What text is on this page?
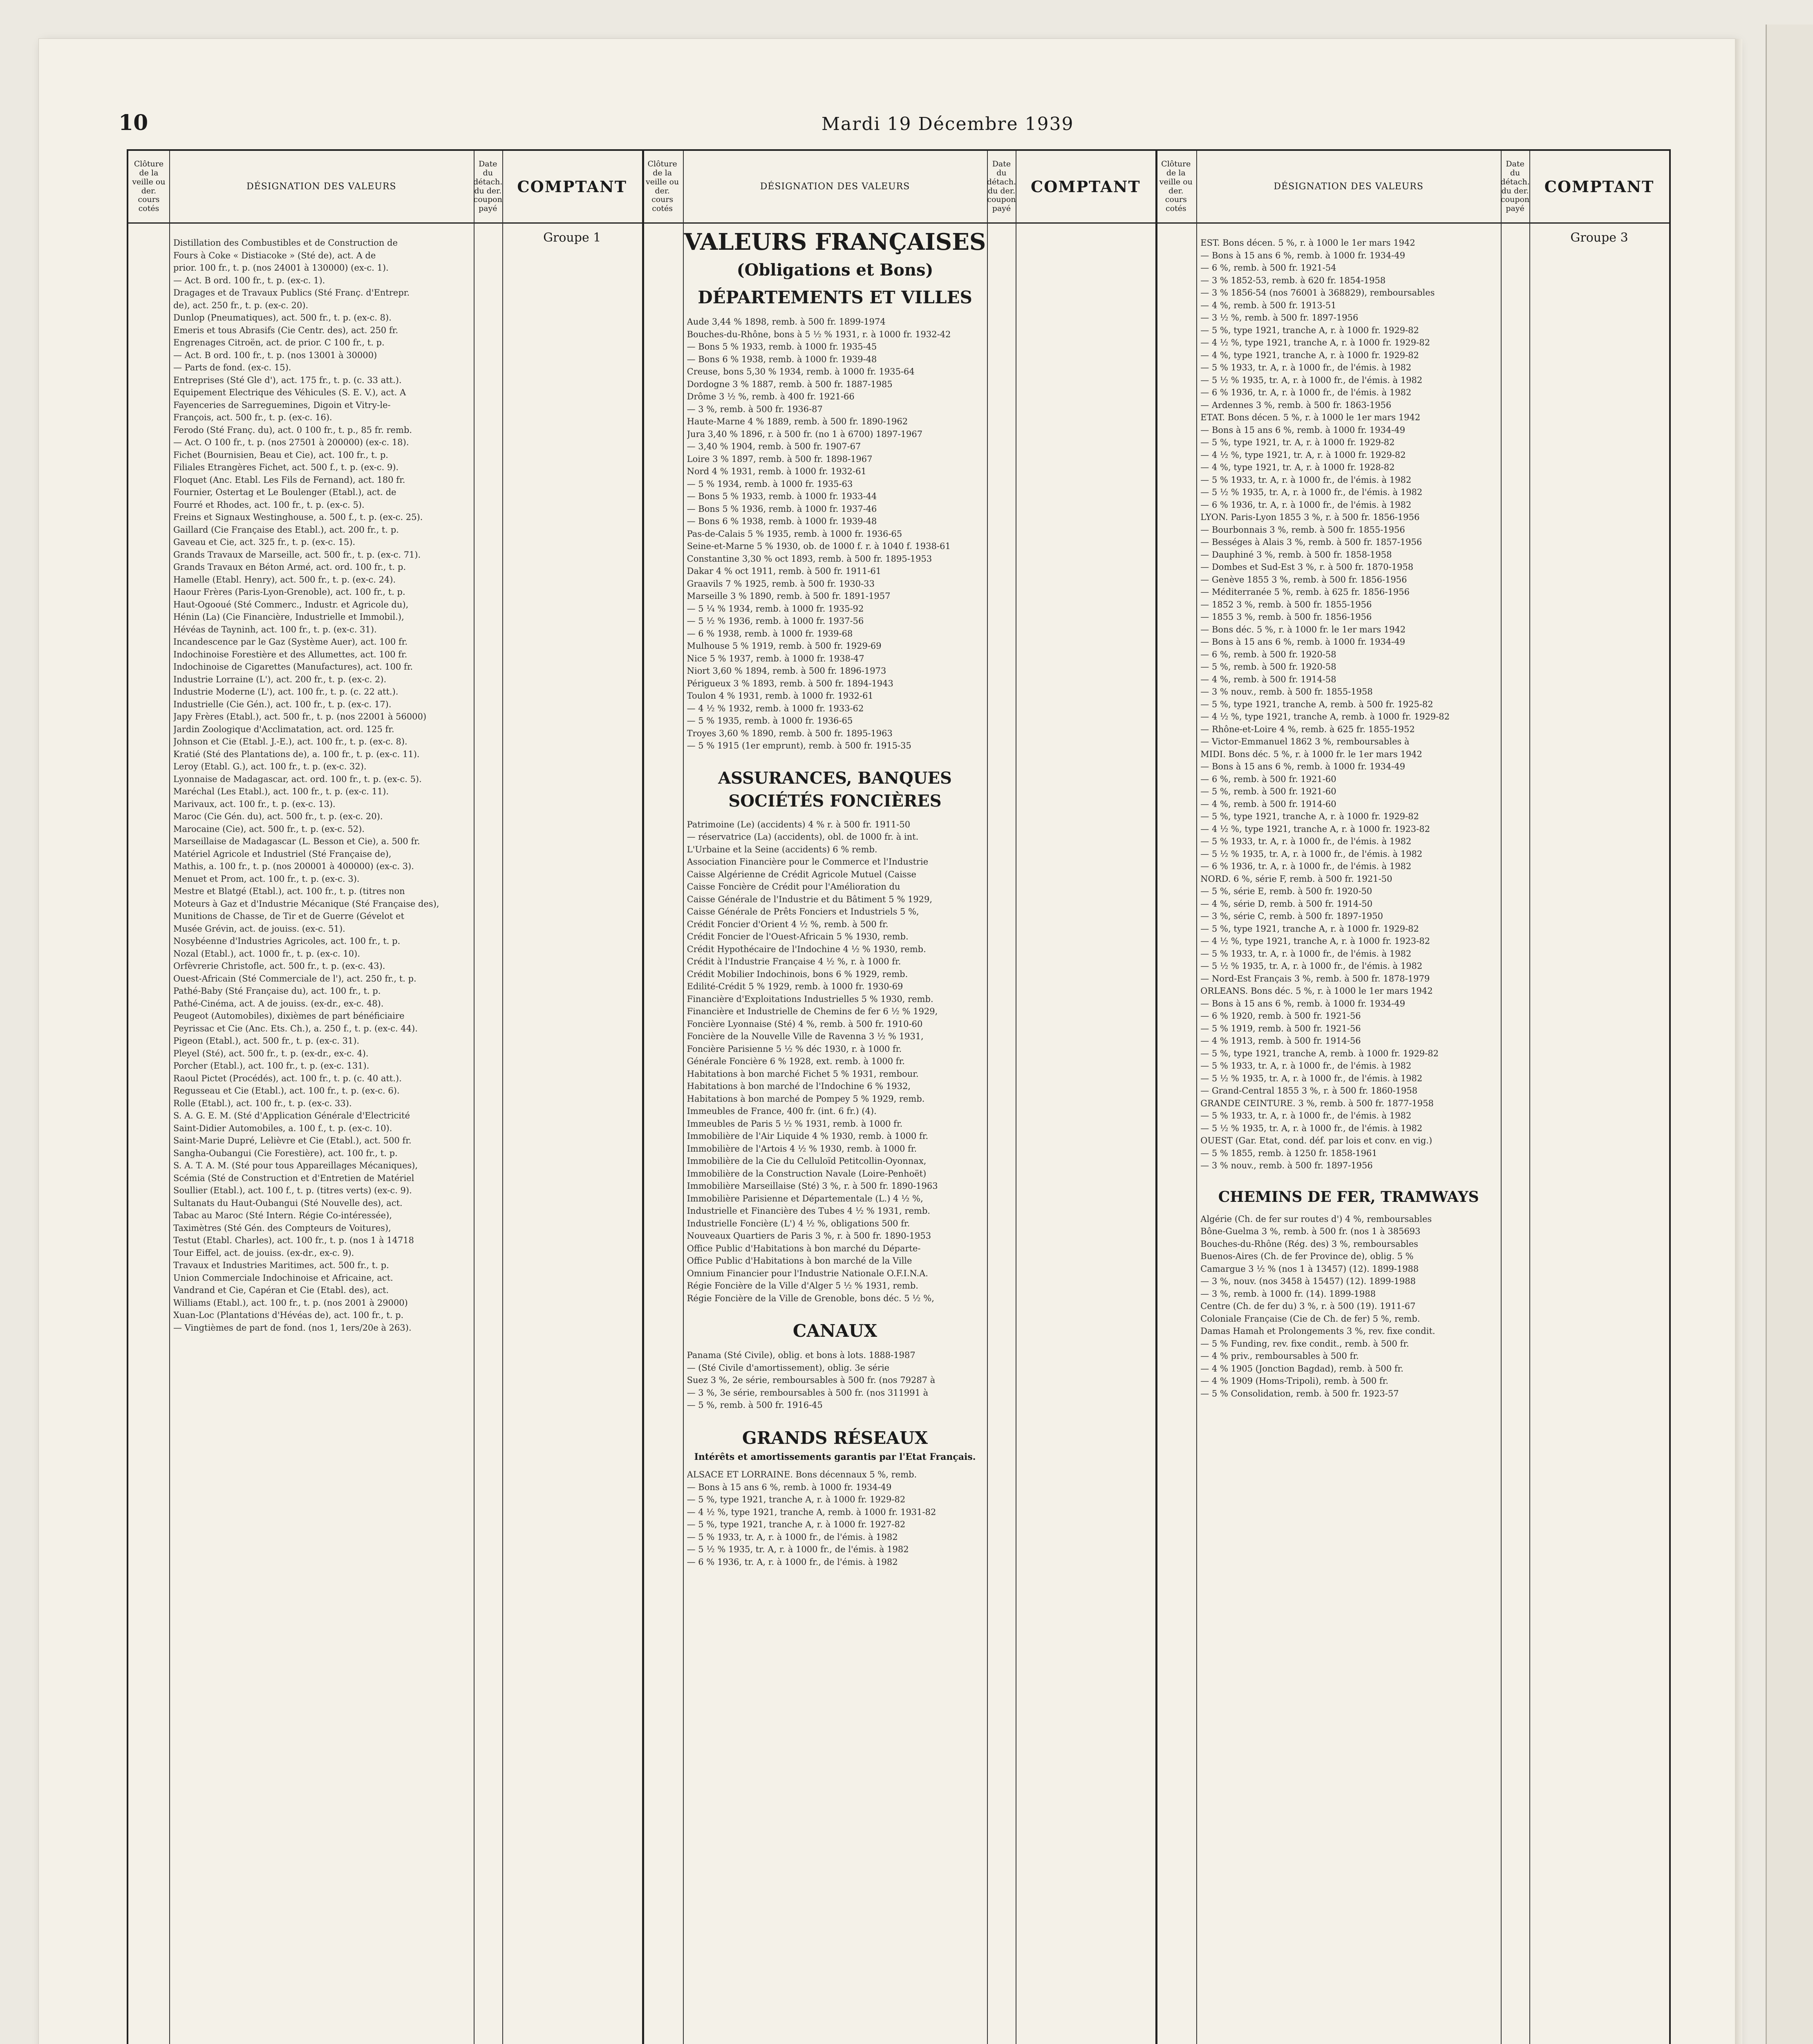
10	Mardi 19 Décembre 1939
Clôture de la veille ou der. cours cotés
DÉSIGNATION DES VALEURS
Date du détach. du der. coupon payé
COMPTANT
Groupe 1
Distillation des Combustibles et de Construction de
Fours à Coke « Distiacoke » (Sté de), act. A de
prior. 100 fr., t. p. (nos 24001 à 130000) (ex-c. 1).
— Act. B ord. 100 fr., t. p. (ex-c. 1).
Dragages et de Travaux Publics (Sté Franç. d'Entrepr.
de), act. 250 fr., t. p. (ex-c. 20).
Dunlop (Pneumatiques), act. 500 fr., t. p. (ex-c. 8).
Emeris et tous Abrasifs (Cie Centr. des), act. 250 fr.
Engrenages Citroën, act. de prior. C 100 fr., t. p.
— Act. B ord. 100 fr., t. p. (nos 13001 à 30000)
— Parts de fond. (ex-c. 15).
Entreprises (Sté Gle d'), act. 175 fr., t. p. (c. 33 att.).
Equipement Electrique des Véhicules (S. E. V.), act. A
Fayenceries de Sarreguemines, Digoin et Vitry-le-
François, act. 500 fr., t. p. (ex-c. 16).
Ferodo (Sté Franç. du), act. 0 100 fr., t. p., 85 fr. remb.
— Act. O 100 fr., t. p. (nos 27501 à 200000) (ex-c. 18).
Fichet (Bournisien, Beau et Cie), act. 100 fr., t. p.
Filiales Etrangères Fichet, act. 500 f., t. p. (ex-c. 9).
Floquet (Anc. Etabl. Les Fils de Fernand), act. 180 fr.
Fournier, Ostertag et Le Boulenger (Etabl.), act. de
Fourré et Rhodes, act. 100 fr., t. p. (ex-c. 5).
Freins et Signaux Westinghouse, a. 500 f., t. p. (ex-c. 25).
Gaillard (Cie Française des Etabl.), act. 200 fr., t. p.
Gaveau et Cie, act. 325 fr., t. p. (ex-c. 15).
Grands Travaux de Marseille, act. 500 fr., t. p. (ex-c. 71).
Grands Travaux en Béton Armé, act. ord. 100 fr., t. p.
Hamelle (Etabl. Henry), act. 500 fr., t. p. (ex-c. 24).
Haour Frères (Paris-Lyon-Grenoble), act. 100 fr., t. p.
Haut-Ogooué (Sté Commerc., Industr. et Agricole du),
Hénin (La) (Cie Financière, Industrielle et Immobil.),
Hévéas de Tayninh, act. 100 fr., t. p. (ex-c. 31).
Incandescence par le Gaz (Système Auer), act. 100 fr.
Indochinoise Forestière et des Allumettes, act. 100 fr.
Indochinoise de Cigarettes (Manufactures), act. 100 fr.
Industrie Lorraine (L'), act. 200 fr., t. p. (ex-c. 2).
Industrie Moderne (L'), act. 100 fr., t. p. (c. 22 att.).
Industrielle (Cie Gén.), act. 100 fr., t. p. (ex-c. 17).
Japy Frères (Etabl.), act. 500 fr., t. p. (nos 22001 à 56000)
Jardin Zoologique d'Acclimatation, act. ord. 125 fr.
Johnson et Cie (Etabl. J.-E.), act. 100 fr., t. p. (ex-c. 8).
Kratié (Sté des Plantations de), a. 100 fr., t. p. (ex-c. 11).
Leroy (Etabl. G.), act. 100 fr., t. p. (ex-c. 32).
Lyonnaise de Madagascar, act. ord. 100 fr., t. p. (ex-c. 5).
Maréchal (Les Etabl.), act. 100 fr., t. p. (ex-c. 11).
Marivaux, act. 100 fr., t. p. (ex-c. 13).
Maroc (Cie Gén. du), act. 500 fr., t. p. (ex-c. 20).
Marocaine (Cie), act. 500 fr., t. p. (ex-c. 52).
Marseillaise de Madagascar (L. Besson et Cie), a. 500 fr.
Matériel Agricole et Industriel (Sté Française de),
Mathis, a. 100 fr., t. p. (nos 200001 à 400000) (ex-c. 3).
Menuet et Prom, act. 100 fr., t. p. (ex-c. 3).
Mestre et Blatgé (Etabl.), act. 100 fr., t. p. (titres non
Moteurs à Gaz et d'Industrie Mécanique (Sté Française des),
Munitions de Chasse, de Tir et de Guerre (Gévelot et
Musée Grévin, act. de jouiss. (ex-c. 51).
Nosybéenne d'Industries Agricoles, act. 100 fr., t. p.
Nozal (Etabl.), act. 1000 fr., t. p. (ex-c. 10).
Orfèvrerie Christofle, act. 500 fr., t. p. (ex-c. 43).
Ouest-Africain (Sté Commerciale de l'), act. 250 fr., t. p.
Pathé-Baby (Sté Française du), act. 100 fr., t. p.
Pathé-Cinéma, act. A de jouiss. (ex-dr., ex-c. 48).
Peugeot (Automobiles), dixièmes de part bénéficiaire
Peyrissac et Cie (Anc. Ets. Ch.), a. 250 f., t. p. (ex-c. 44).
Pigeon (Etabl.), act. 500 fr., t. p. (ex-c. 31).
Pleyel (Sté), act. 500 fr., t. p. (ex-dr., ex-c. 4).
Porcher (Etabl.), act. 100 fr., t. p. (ex-c. 131).
Raoul Pictet (Procédés), act. 100 fr., t. p. (c. 40 att.).
Regusseau et Cie (Etabl.), act. 100 fr., t. p. (ex-c. 6).
Rolle (Etabl.), act. 100 fr., t. p. (ex-c. 33).
S. A. G. E. M. (Sté d'Application Générale d'Electricité
Saint-Didier Automobiles, a. 100 f., t. p. (ex-c. 10).
Saint-Marie Dupré, Lelièvre et Cie (Etabl.), act. 500 fr.
Sangha-Oubangui (Cie Forestière), act. 100 fr., t. p.
S. A. T. A. M. (Sté pour tous Appareillages Mécaniques),
Scémia (Sté de Construction et d'Entretien de Matériel
Soullier (Etabl.), act. 100 f., t. p. (titres verts) (ex-c. 9).
Sultanats du Haut-Oubangui (Sté Nouvelle des), act.
Tabac au Maroc (Sté Intern. Régie Co-intéressée),
Taximètres (Sté Gén. des Compteurs de Voitures),
Testut (Etabl. Charles), act. 100 fr., t. p. (nos 1 à 14718
Tour Eiffel, act. de jouiss. (ex-dr., ex-c. 9).
Travaux et Industries Maritimes, act. 500 fr., t. p.
Union Commerciale Indochinoise et Africaine, act.
Vandrand et Cie, Capéran et Cie (Etabl. des), act.
Williams (Etabl.), act. 100 fr., t. p. (nos 2001 à 29000)
Xuan-Loc (Plantations d'Hévéas de), act. 100 fr., t. p.
— Vingtièmes de part de fond. (nos 1, 1ers/20e à 263).
Clôture de la veille ou der. cours cotés
DÉSIGNATION DES VALEURS
Date du détach. du der. coupon payé
COMPTANT
VALEURS FRANÇAISES
(Obligations et Bons)
DÉPARTEMENTS ET VILLES
Aude 3,44 % 1898, remb. à 500 fr. 1899-1974
Bouches-du-Rhône, bons à 5 ½ % 1931, r. à 1000 fr. 1932-42
— Bons 5 % 1933, remb. à 1000 fr. 1935-45
— Bons 6 % 1938, remb. à 1000 fr. 1939-48
Creuse, bons 5,30 % 1934, remb. à 1000 fr. 1935-64
Dordogne 3 % 1887, remb. à 500 fr. 1887-1985
Drôme 3 ½ %, remb. à 400 fr. 1921-66
— 3 %, remb. à 500 fr. 1936-87
Haute-Marne 4 % 1889, remb. à 500 fr. 1890-1962
Jura 3,40 % 1896, r. à 500 fr. (no 1 à 6700) 1897-1967
— 3,40 % 1904, remb. à 500 fr. 1907-67
Loire 3 % 1897, remb. à 500 fr. 1898-1967
Nord 4 % 1931, remb. à 1000 fr. 1932-61
— 5 % 1934, remb. à 1000 fr. 1935-63
— Bons 5 % 1933, remb. à 1000 fr. 1933-44
— Bons 5 % 1936, remb. à 1000 fr. 1937-46
— Bons 6 % 1938, remb. à 1000 fr. 1939-48
Pas-de-Calais 5 % 1935, remb. à 1000 fr. 1936-65
Seine-et-Marne 5 % 1930, ob. de 1000 f. r. à 1040 f. 1938-61
Constantine 3,30 % oct 1893, remb. à 500 fr. 1895-1953
Dakar 4 % oct 1911, remb. à 500 fr. 1911-61
Graavils 7 % 1925, remb. à 500 fr. 1930-33
Marseille 3 % 1890, remb. à 500 fr. 1891-1957
— 5 ¼ % 1934, remb. à 1000 fr. 1935-92
— 5 ½ % 1936, remb. à 1000 fr. 1937-56
— 6 % 1938, remb. à 1000 fr. 1939-68
Mulhouse 5 % 1919, remb. à 500 fr. 1929-69
Nice 5 % 1937, remb. à 1000 fr. 1938-47
Niort 3,60 % 1894, remb. à 500 fr. 1896-1973
Périgueux 3 % 1893, remb. à 500 fr. 1894-1943
Toulon 4 % 1931, remb. à 1000 fr. 1932-61
— 4 ½ % 1932, remb. à 1000 fr. 1933-62
— 5 % 1935, remb. à 1000 fr. 1936-65
Troyes 3,60 % 1890, remb. à 500 fr. 1895-1963
— 5 % 1915 (1er emprunt), remb. à 500 fr. 1915-35
ASSURANCES, BANQUES
SOCIÉTÉS FONCIÈRES
Patrimoine (Le) (accidents) 4 % r. à 500 fr. 1911-50
— réservatrice (La) (accidents), obl. de 1000 fr. à int.
L'Urbaine et la Seine (accidents) 6 % remb.
Association Financière pour le Commerce et l'Industrie
Caisse Algérienne de Crédit Agricole Mutuel (Caisse
Caisse Foncière de Crédit pour l'Amélioration du
Caisse Générale de l'Industrie et du Bâtiment 5 % 1929,
Caisse Générale de Prêts Fonciers et Industriels 5 %,
Crédit Foncier d'Orient 4 ½ %, remb. à 500 fr.
Crédit Foncier de l'Ouest-Africain 5 % 1930, remb.
Crédit Hypothécaire de l'Indochine 4 ½ % 1930, remb.
Crédit à l'Industrie Française 4 ½ %, r. à 1000 fr.
Crédit Mobilier Indochinois, bons 6 % 1929, remb.
Edilité-Crédit 5 % 1929, remb. à 1000 fr. 1930-69
Financière d'Exploitations Industrielles 5 % 1930, remb.
Financière et Industrielle de Chemins de fer 6 ½ % 1929,
Foncière Lyonnaise (Sté) 4 %, remb. à 500 fr. 1910-60
Foncière de la Nouvelle Ville de Ravenna 3 ½ % 1931,
Foncière Parisienne 5 ½ % déc 1930, r. à 1000 fr.
Générale Foncière 6 % 1928, ext. remb. à 1000 fr.
Habitations à bon marché Fichet 5 % 1931, rembour.
Habitations à bon marché de l'Indochine 6 % 1932,
Habitations à bon marché de Pompey 5 % 1929, remb.
Immeubles de France, 400 fr. (int. 6 fr.) (4).
Immeubles de Paris 5 ½ % 1931, remb. à 1000 fr.
Immobilière de l'Air Liquide 4 % 1930, remb. à 1000 fr.
Immobilière de l'Artois 4 ½ % 1930, remb. à 1000 fr.
Immobilière de la Cie du Celluloïd Petitcollin-Oyonnax,
Immobilière de la Construction Navale (Loire-Penhoët)
Immobilière Marseillaise (Sté) 3 %, r. à 500 fr. 1890-1963
Immobilière Parisienne et Départementale (L.) 4 ½ %,
Industrielle et Financière des Tubes 4 ½ % 1931, remb.
Industrielle Foncière (L') 4 ½ %, obligations 500 fr.
Nouveaux Quartiers de Paris 3 %, r. à 500 fr. 1890-1953
Office Public d'Habitations à bon marché du Départe-
Office Public d'Habitations à bon marché de la Ville
Omnium Financier pour l'Industrie Nationale O.F.I.N.A.
Régie Foncière de la Ville d'Alger 5 ½ % 1931, remb.
Régie Foncière de la Ville de Grenoble, bons déc. 5 ½ %,
CANAUX
Panama (Sté Civile), oblig. et bons à lots. 1888-1987
— (Sté Civile d'amortissement), oblig. 3e série
Suez 3 %, 2e série, remboursables à 500 fr. (nos 79287 à
— 3 %, 3e série, remboursables à 500 fr. (nos 311991 à
— 5 %, remb. à 500 fr. 1916-45
GRANDS RÉSEAUX
Intérêts et amortissements garantis par l'Etat Français.
ALSACE ET LORRAINE. Bons décennaux 5 %, remb.
— Bons à 15 ans 6 %, remb. à 1000 fr. 1934-49
— 5 %, type 1921, tranche A, r. à 1000 fr. 1929-82
— 4 ½ %, type 1921, tranche A, remb. à 1000 fr. 1931-82
— 5 %, type 1921, tranche A, r. à 1000 fr. 1927-82
— 5 % 1933, tr. A, r. à 1000 fr., de l'émis. à 1982
— 5 ½ % 1935, tr. A, r. à 1000 fr., de l'émis. à 1982
— 6 % 1936, tr. A, r. à 1000 fr., de l'émis. à 1982
Clôture de la veille ou der. cours cotés
DÉSIGNATION DES VALEURS
Date du détach. du der. coupon payé
COMPTANT
Groupe 3
EST. Bons décen. 5 %, r. à 1000 le 1er mars 1942
— Bons à 15 ans 6 %, remb. à 1000 fr. 1934-49
— 6 %, remb. à 500 fr. 1921-54
— 3 % 1852-53, remb. à 620 fr. 1854-1958
— 3 % 1856-54 (nos 76001 à 368829), remboursables
— 4 %, remb. à 500 fr. 1913-51
— 3 ½ %, remb. à 500 fr. 1897-1956
— 5 %, type 1921, tranche A, r. à 1000 fr. 1929-82
— 4 ½ %, type 1921, tranche A, r. à 1000 fr. 1929-82
— 4 %, type 1921, tranche A, r. à 1000 fr. 1929-82
— 5 % 1933, tr. A, r. à 1000 fr., de l'émis. à 1982
— 5 ½ % 1935, tr. A, r. à 1000 fr., de l'émis. à 1982
— 6 % 1936, tr. A, r. à 1000 fr., de l'émis. à 1982
— Ardennes 3 %, remb. à 500 fr. 1863-1956
ETAT. Bons décen. 5 %, r. à 1000 le 1er mars 1942
— Bons à 15 ans 6 %, remb. à 1000 fr. 1934-49
— 5 %, type 1921, tr. A, r. à 1000 fr. 1929-82
— 4 ½ %, type 1921, tr. A, r. à 1000 fr. 1929-82
— 4 %, type 1921, tr. A, r. à 1000 fr. 1928-82
— 5 % 1933, tr. A, r. à 1000 fr., de l'émis. à 1982
— 5 ½ % 1935, tr. A, r. à 1000 fr., de l'émis. à 1982
— 6 % 1936, tr. A, r. à 1000 fr., de l'émis. à 1982
LYON. Paris-Lyon 1855 3 %, r. à 500 fr. 1856-1956
— Bourbonnais 3 %, remb. à 500 fr. 1855-1956
— Bességes à Alais 3 %, remb. à 500 fr. 1857-1956
— Dauphiné 3 %, remb. à 500 fr. 1858-1958
— Dombes et Sud-Est 3 %, r. à 500 fr. 1870-1958
— Genève 1855 3 %, remb. à 500 fr. 1856-1956
— Méditerranée 5 %, remb. à 625 fr. 1856-1956
— 1852 3 %, remb. à 500 fr. 1855-1956
— 1855 3 %, remb. à 500 fr. 1856-1956
— Bons déc. 5 %, r. à 1000 fr. le 1er mars 1942
— Bons à 15 ans 6 %, remb. à 1000 fr. 1934-49
— 6 %, remb. à 500 fr. 1920-58
— 5 %, remb. à 500 fr. 1920-58
— 4 %, remb. à 500 fr. 1914-58
— 3 % nouv., remb. à 500 fr. 1855-1958
— 5 %, type 1921, tranche A, remb. à 500 fr. 1925-82
— 4 ½ %, type 1921, tranche A, remb. à 1000 fr. 1929-82
— Rhône-et-Loire 4 %, remb. à 625 fr. 1855-1952
— Victor-Emmanuel 1862 3 %, remboursables à
MIDI. Bons déc. 5 %, r. à 1000 fr. le 1er mars 1942
— Bons à 15 ans 6 %, remb. à 1000 fr. 1934-49
— 6 %, remb. à 500 fr. 1921-60
— 5 %, remb. à 500 fr. 1921-60
— 4 %, remb. à 500 fr. 1914-60
— 5 %, type 1921, tranche A, r. à 1000 fr. 1929-82
— 4 ½ %, type 1921, tranche A, r. à 1000 fr. 1923-82
— 5 % 1933, tr. A, r. à 1000 fr., de l'émis. à 1982
— 5 ½ % 1935, tr. A, r. à 1000 fr., de l'émis. à 1982
— 6 % 1936, tr. A, r. à 1000 fr., de l'émis. à 1982
NORD. 6 %, série F, remb. à 500 fr. 1921-50
— 5 %, série E, remb. à 500 fr. 1920-50
— 4 %, série D, remb. à 500 fr. 1914-50
— 3 %, série C, remb. à 500 fr. 1897-1950
— 5 %, type 1921, tranche A, r. à 1000 fr. 1929-82
— 4 ½ %, type 1921, tranche A, r. à 1000 fr. 1923-82
— 5 % 1933, tr. A, r. à 1000 fr., de l'émis. à 1982
— 5 ½ % 1935, tr. A, r. à 1000 fr., de l'émis. à 1982
— Nord-Est Français 3 %, remb. à 500 fr. 1878-1979
ORLEANS. Bons déc. 5 %, r. à 1000 le 1er mars 1942
— Bons à 15 ans 6 %, remb. à 1000 fr. 1934-49
— 6 % 1920, remb. à 500 fr. 1921-56
— 5 % 1919, remb. à 500 fr. 1921-56
— 4 % 1913, remb. à 500 fr. 1914-56
— 5 %, type 1921, tranche A, remb. à 1000 fr. 1929-82
— 5 % 1933, tr. A, r. à 1000 fr., de l'émis. à 1982
— 5 ½ % 1935, tr. A, r. à 1000 fr., de l'émis. à 1982
— Grand-Central 1855 3 %, r. à 500 fr. 1860-1958
GRANDE CEINTURE. 3 %, remb. à 500 fr. 1877-1958
— 5 % 1933, tr. A, r. à 1000 fr., de l'émis. à 1982
— 5 ½ % 1935, tr. A, r. à 1000 fr., de l'émis. à 1982
OUEST (Gar. Etat, cond. déf. par lois et conv. en vig.)
— 5 % 1855, remb. à 1250 fr. 1858-1961
— 3 % nouv., remb. à 500 fr. 1897-1956
CHEMINS DE FER, TRAMWAYS
Algérie (Ch. de fer sur routes d') 4 %, remboursables
Bône-Guelma 3 %, remb. à 500 fr. (nos 1 à 385693
Bouches-du-Rhône (Rég. des) 3 %, remboursables
Buenos-Aires (Ch. de fer Province de), oblig. 5 %
Camargue 3 ½ % (nos 1 à 13457) (12). 1899-1988
— 3 %, nouv. (nos 3458 à 15457) (12). 1899-1988
— 3 %, remb. à 1000 fr. (14). 1899-1988
Centre (Ch. de fer du) 3 %, r. à 500 (19). 1911-67
Coloniale Française (Cie de Ch. de fer) 5 %, remb.
Damas Hamah et Prolongements 3 %, rev. fixe condit.
— 5 % Funding, rev. fixe condit., remb. à 500 fr.
— 4 % priv., remboursables à 500 fr.
— 4 % 1905 (Jonction Bagdad), remb. à 500 fr.
— 4 % 1909 (Homs-Tripoli), remb. à 500 fr.
— 5 % Consolidation, remb. à 500 fr. 1923-57
